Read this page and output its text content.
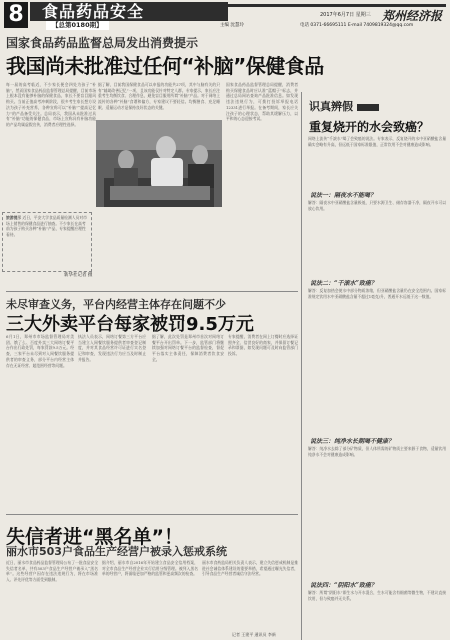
8	食品药品安全
【总第0180期】
2017年6月7日 星期三 郑州经济报
主编 沈慧玲	电话 0371-66695111 E-mail 7409819324@qq.com
国家食品药品监督总局发出消费提示
我国尚未批准过任何“补脑”保健食品
每一届的高考临近，不少家长便会四处为孩子“补脑”。然而国家食品药品监督管理总局提醒，目前市场上根本没有能够补脑的保健食品，家长不要盲目跟风购买。当前正值高考冲刺阶段，很多考生家长想方设法为孩子补充营养，各种宣称可以“补脑”“提高记忆力”的产品备受关注。总局表示，我国从未批准过具有“补脑”功能的保健食品，市场上宣称具有补脑功能的产品均属虚假宣传，消费者应理性选择。
据了解，目前我国保健食品可以申报的功能共27项，其中与脑有关的只有“辅助改善记忆”一项，且该功能仅针对特定人群。专家提示，家长应注重考生均衡饮食、合理作息，避免盲目服用所谓“补脑”产品。对于网络上流传的各种“补脑”食谱和偏方，专家建议不要轻信。均衡膳食、充足睡眠、适量运动才是保持良好状态的关键。
国家食品药品监督管理总局提醒，消费者购买保健食品时应认准“蓝帽子”标志，并通过总局网站查询产品批准信息。如发现违法违规行为，可拨打投诉举报电话12331进行举报。在备考期间，家长应关注孩子的心理状态，帮助其缓解压力，以平和的心态迎接考试。
旅游提示 近日，平安大学食品质量检测人员对市场上销售的保健食品进行抽查。不少家长在高考前为孩子购买各种“补脑”产品，专家提醒应理性看待。
新华社记者 摄
识真辨假
重复烧开的水会致癌？
网络上流传“千滚水”喝了会致癌的说法。专家表示，反复烧开的水中亚硝酸盐含量确实会略有升高，但远低于国家标准限值，正常饮用不会对健康造成影响。
说法一：隔夜水不能喝？
解答：隔夜水中亚硝酸盐含量极低，只要水源卫生、储存容器干净，隔夜开水可以放心饮用。
说法二：“千滚水”致癌？
解答：反复加热会使水中部分物质浓缩，但亚硝酸盐含量仍在安全范围内。国家标准规定饮用水中亚硝酸盐含量不超过1毫克/升，普通开水远低于这一数值。
说法三：纯净水长期喝不健康？
解答：纯净水去除了部分矿物质，但人体所需的矿物质主要来源于食物，适量饮用纯净水不会对健康造成影响。
说法四：“阴阳水”致癌？
解答：所谓“阴阳水”即生水与开水混合，生水可能含有细菌等微生物，不建议直接饮用，但与致癌并无关系。
未尽审查义务，平台内经营主体存在问题不少
三大外卖平台每家被罚9.5万元
6月1日，郑州市市场监督管理局对美团、饿了么、百度外卖三大网络订餐平台作出行政处罚，每家罚款9.5万元。经查，三家平台未尽到对入网餐饮服务提供者的审查义务，部分平台内经营主体存在无证经营、超范围经营等问题。
执法人员表示，网络订餐第三方平台应当建立入网餐饮服务提供者审查登记制度，并对其食品经营许可证进行实名登记和审查，发现违法行为应当及时制止并报告。
据了解，此次处罚是郑州市首次对网络订餐平台开出罚单。下一步，监管部门将继续加强对网络订餐平台的监督检查，督促平台落实主体责任，保障消费者饮食安全。
专家提醒，消费者在网上订餐时应选择证照齐全、信誉良好的商家，并保留订餐记录和票据，如发现问题可及时向监管部门投诉。
失信者进“黑名单”！
丽水市503户食品生产经营户被录入惩戒系统
近日，丽水市食品药品监督管理局公布了一批食品安全失信者名单，共有503户食品生产经营户被录入“黑名单”。这些经营户因存在违法违规行为，将在市场准入、评先评优等方面受到限制。
据介绍，丽水市自2016年开始建立食品安全信用档案，对全市食品生产经营企业实行信用分级管理。被列入黑名单的经营户，将面临更加严格的监管和更高频次的检查。
丽水市食药监局相关负责人表示，建立失信惩戒机制是推进社会诚信体系建设的重要举措，希望通过曝光失信者，引导食品生产经营者诚信守法经营。
记者 王建平 通讯员 李新
